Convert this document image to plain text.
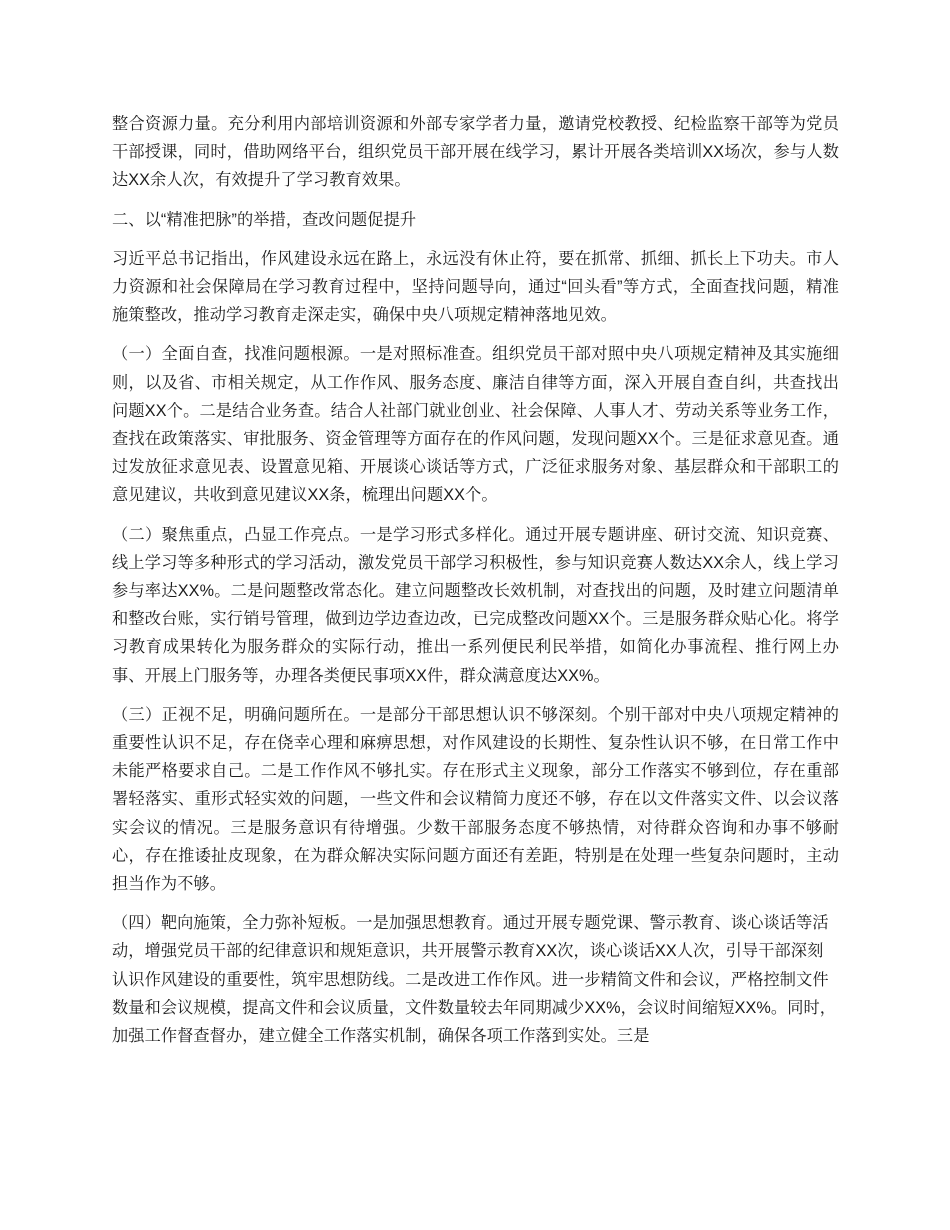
整合资源力量。充分利用内部培训资源和外部专家学者力量，邀请党校教授、纪检监察干部等为党员干部授课，同时，借助网络平台，组织党员干部开展在线学习，累计开展各类培训XX场次，参与人数达XX余人次，有效提升了学习教育效果。

二、以“精准把脉”的举措，查改问题促提升

习近平总书记指出，作风建设永远在路上，永远没有休止符，要在抓常、抓细、抓长上下功夫。市人力资源和社会保障局在学习教育过程中，坚持问题导向，通过“回头看”等方式，全面查找问题，精准施策整改，推动学习教育走深走实，确保中央八项规定精神落地见效。

（一）全面自查，找准问题根源。一是对照标准查。组织党员干部对照中央八项规定精神及其实施细则，以及省、市相关规定，从工作作风、服务态度、廉洁自律等方面，深入开展自查自纠，共查找出问题XX个。二是结合业务查。结合人社部门就业创业、社会保障、人事人才、劳动关系等业务工作，查找在政策落实、审批服务、资金管理等方面存在的作风问题，发现问题XX个。三是征求意见查。通过发放征求意见表、设置意见箱、开展谈心谈话等方式，广泛征求服务对象、基层群众和干部职工的意见建议，共收到意见建议XX条，梳理出问题XX个。

（二）聚焦重点，凸显工作亮点。一是学习形式多样化。通过开展专题讲座、研讨交流、知识竞赛、线上学习等多种形式的学习活动，激发党员干部学习积极性，参与知识竞赛人数达XX余人，线上学习参与率达XX%。二是问题整改常态化。建立问题整改长效机制，对查找出的问题，及时建立问题清单和整改台账，实行销号管理，做到边学边查边改，已完成整改问题XX个。三是服务群众贴心化。将学习教育成果转化为服务群众的实际行动，推出一系列便民利民举措，如简化办事流程、推行网上办事、开展上门服务等，办理各类便民事项XX件，群众满意度达XX%。

（三）正视不足，明确问题所在。一是部分干部思想认识不够深刻。个别干部对中央八项规定精神的重要性认识不足，存在侥幸心理和麻痹思想，对作风建设的长期性、复杂性认识不够，在日常工作中未能严格要求自己。二是工作作风不够扎实。存在形式主义现象，部分工作落实不够到位，存在重部署轻落实、重形式轻实效的问题，一些文件和会议精简力度还不够，存在以文件落实文件、以会议落实会议的情况。三是服务意识有待增强。少数干部服务态度不够热情，对待群众咨询和办事不够耐心，存在推诿扯皮现象，在为群众解决实际问题方面还有差距，特别是在处理一些复杂问题时，主动担当作为不够。

（四）靶向施策，全力弥补短板。一是加强思想教育。通过开展专题党课、警示教育、谈心谈话等活动，增强党员干部的纪律意识和规矩意识，共开展警示教育XX次，谈心谈话XX人次，引导干部深刻认识作风建设的重要性，筑牢思想防线。二是改进工作作风。进一步精简文件和会议，严格控制文件数量和会议规模，提高文件和会议质量，文件数量较去年同期减少XX%，会议时间缩短XX%。同时，加强工作督查督办，建立健全工作落实机制，确保各项工作落到实处。三是
